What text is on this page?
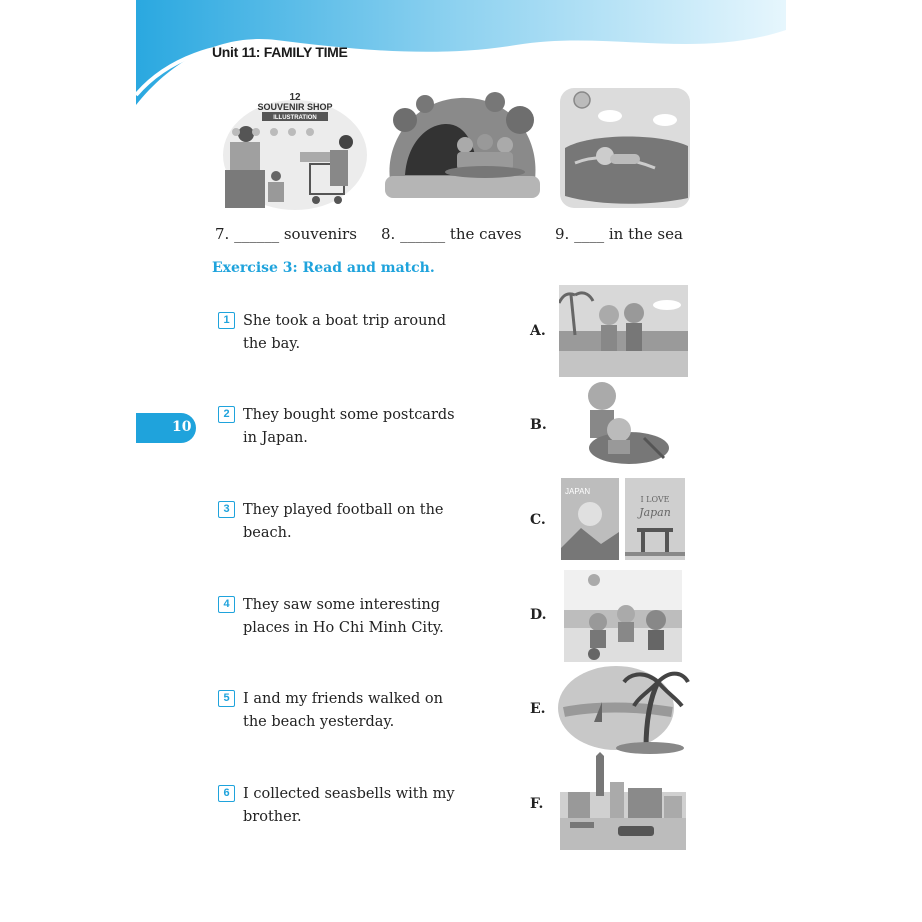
Unit 11: FAMILY TIME
12
SOUVENIR SHOP
ILLUSTRATION
7. ______ souvenirs 8. ______ the caves 9. ____ in the sea
Exercise 3: Read and match.
1 She took a boat trip around
the bay.
2 They bought some postcards
in Japan.
3 They played football on the
beach.
4 They saw some interesting
places in Ho Chi Minh City.
5 I and my friends walked on
the beach yesterday.
6 I collected seasbells with my
brother.
A.
B.
C.
D.
E.
F.
JAPAN
I LOVE
Japan
10
